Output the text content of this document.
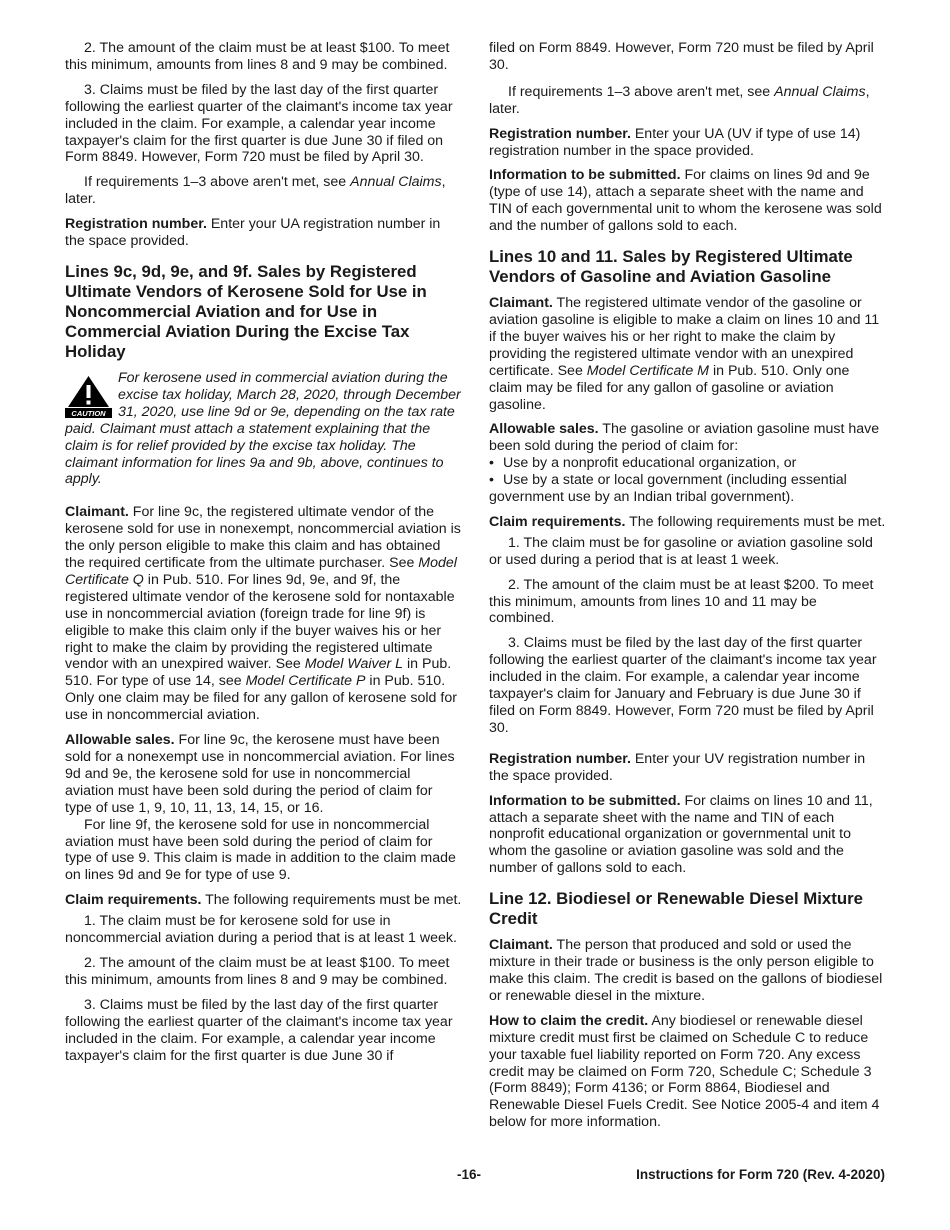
2. The amount of the claim must be at least $100. To meet this minimum, amounts from lines 8 and 9 may be combined.

3. Claims must be filed by the last day of the first quarter following the earliest quarter of the claimant's income tax year included in the claim. For example, a calendar year income taxpayer's claim for the first quarter is due June 30 if filed on Form 8849. However, Form 720 must be filed by April 30.

If requirements 1–3 above aren't met, see Annual Claims, later.

Registration number. Enter your UA registration number in the space provided.

Lines 9c, 9d, 9e, and 9f. Sales by Registered Ultimate Vendors of Kerosene Sold for Use in Noncommercial Aviation and for Use in Commercial Aviation During the Excise Tax Holiday
CAUTION
For kerosene used in commercial aviation during the excise tax holiday, March 28, 2020, through December 31, 2020, use line 9d or 9e, depending on the tax rate paid. Claimant must attach a statement explaining that the claim is for relief provided by the excise tax holiday. The claimant information for lines 9a and 9b, above, continues to apply.

Claimant. For line 9c, the registered ultimate vendor of the kerosene sold for use in nonexempt, noncommercial aviation is the only person eligible to make this claim and has obtained the required certificate from the ultimate purchaser. See Model Certificate Q in Pub. 510. For lines 9d, 9e, and 9f, the registered ultimate vendor of the kerosene sold for nontaxable use in noncommercial aviation (foreign trade for line 9f) is eligible to make this claim only if the buyer waives his or her right to make the claim by providing the registered ultimate vendor with an unexpired waiver. See Model Waiver L in Pub. 510. For type of use 14, see Model Certificate P in Pub. 510. Only one claim may be filed for any gallon of kerosene sold for use in noncommercial aviation.

Allowable sales. For line 9c, the kerosene must have been sold for a nonexempt use in noncommercial aviation. For lines 9d and 9e, the kerosene sold for use in noncommercial aviation must have been sold during the period of claim for type of use 1, 9, 10, 11, 13, 14, 15, or 16.

For line 9f, the kerosene sold for use in noncommercial aviation must have been sold during the period of claim for type of use 9. This claim is made in addition to the claim made on lines 9d and 9e for type of use 9.

Claim requirements. The following requirements must be met.

1. The claim must be for kerosene sold for use in noncommercial aviation during a period that is at least 1 week.

2. The amount of the claim must be at least $100. To meet this minimum, amounts from lines 8 and 9 may be combined.

3. Claims must be filed by the last day of the first quarter following the earliest quarter of the claimant's income tax year included in the claim. For example, a calendar year income taxpayer's claim for the first quarter is due June 30 if

filed on Form 8849. However, Form 720 must be filed by April 30.

If requirements 1–3 above aren't met, see Annual Claims, later.

Registration number. Enter your UA (UV if type of use 14) registration number in the space provided.

Information to be submitted. For claims on lines 9d and 9e (type of use 14), attach a separate sheet with the name and TIN of each governmental unit to whom the kerosene was sold and the number of gallons sold to each.

Lines 10 and 11. Sales by Registered Ultimate Vendors of Gasoline and Aviation Gasoline

Claimant. The registered ultimate vendor of the gasoline or aviation gasoline is eligible to make a claim on lines 10 and 11 if the buyer waives his or her right to make the claim by providing the registered ultimate vendor with an unexpired certificate. See Model Certificate M in Pub. 510. Only one claim may be filed for any gallon of gasoline or aviation gasoline.

Allowable sales. The gasoline or aviation gasoline must have been sold during the period of claim for:

• Use by a nonprofit educational organization, or

• Use by a state or local government (including essential government use by an Indian tribal government).

Claim requirements. The following requirements must be met.

1. The claim must be for gasoline or aviation gasoline sold or used during a period that is at least 1 week.

2. The amount of the claim must be at least $200. To meet this minimum, amounts from lines 10 and 11 may be combined.

3. Claims must be filed by the last day of the first quarter following the earliest quarter of the claimant's income tax year included in the claim. For example, a calendar year income taxpayer's claim for January and February is due June 30 if filed on Form 8849. However, Form 720 must be filed by April 30.

Registration number. Enter your UV registration number in the space provided.

Information to be submitted. For claims on lines 10 and 11, attach a separate sheet with the name and TIN of each nonprofit educational organization or governmental unit to whom the gasoline or aviation gasoline was sold and the number of gallons sold to each.

Line 12. Biodiesel or Renewable Diesel Mixture Credit

Claimant. The person that produced and sold or used the mixture in their trade or business is the only person eligible to make this claim. The credit is based on the gallons of biodiesel or renewable diesel in the mixture.

How to claim the credit. Any biodiesel or renewable diesel mixture credit must first be claimed on Schedule C to reduce your taxable fuel liability reported on Form 720. Any excess credit may be claimed on Form 720, Schedule C; Schedule 3 (Form 8849); Form 4136; or Form 8864, Biodiesel and Renewable Diesel Fuels Credit. See Notice 2005-4 and item 4 below for more information.

-16-	Instructions for Form 720 (Rev. 4-2020)
